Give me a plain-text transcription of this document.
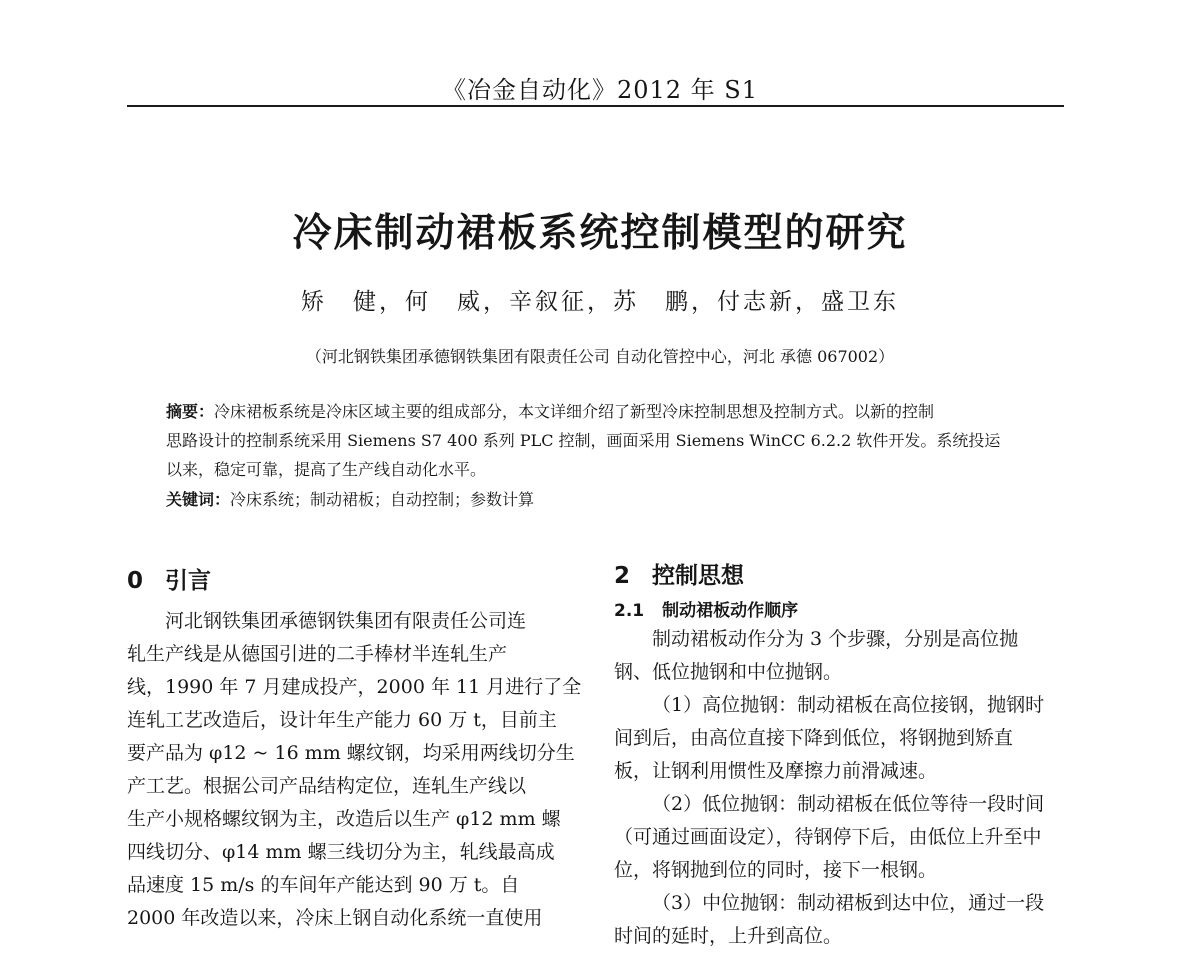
《冶金自动化》2012 年 S1
冷床制动裙板系统控制模型的研究
矫　健，何　威，辛叙征，苏　鹏，付志新，盛卫东
（河北钢铁集团承德钢铁集团有限责任公司 自动化管控中心，河北 承德 067002）

摘要：冷床裙板系统是冷床区域主要的组成部分，本文详细介绍了新型冷床控制思想及控制方式。以新的控制

思路设计的控制系统采用 Siemens S7 400 系列 PLC 控制，画面采用 Siemens WinCC 6.2.2 软件开发。系统投运

以来，稳定可靠，提高了生产线自动化水平。

关键词：冷床系统；制动裙板；自动控制；参数计算
0 引言

河北钢铁集团承德钢铁集团有限责任公司连

轧生产线是从德国引进的二手棒材半连轧生产

线，1990 年 7 月建成投产，2000 年 11 月进行了全

连轧工艺改造后，设计年生产能力 60 万 t，目前主

要产品为 φ12 ~ 16 mm 螺纹钢，均采用两线切分生

产工艺。根据公司产品结构定位，连轧生产线以

生产小规格螺纹钢为主，改造后以生产 φ12 mm 螺

四线切分、φ14 mm 螺三线切分为主，轧线最高成

品速度 15 m/s 的车间年产能达到 90 万 t。自

2000 年改造以来，冷床上钢自动化系统一直使用

2 控制思想
2.1 制动裙板动作顺序

制动裙板动作分为 3 个步骤，分别是高位抛

钢、低位抛钢和中位抛钢。

（1）高位抛钢：制动裙板在高位接钢，抛钢时

间到后，由高位直接下降到低位，将钢抛到矫直

板，让钢利用惯性及摩擦力前滑减速。

（2）低位抛钢：制动裙板在低位等待一段时间

（可通过画面设定），待钢停下后，由低位上升至中

位，将钢抛到位的同时，接下一根钢。

（3）中位抛钢：制动裙板到达中位，通过一段

时间的延时，上升到高位。
